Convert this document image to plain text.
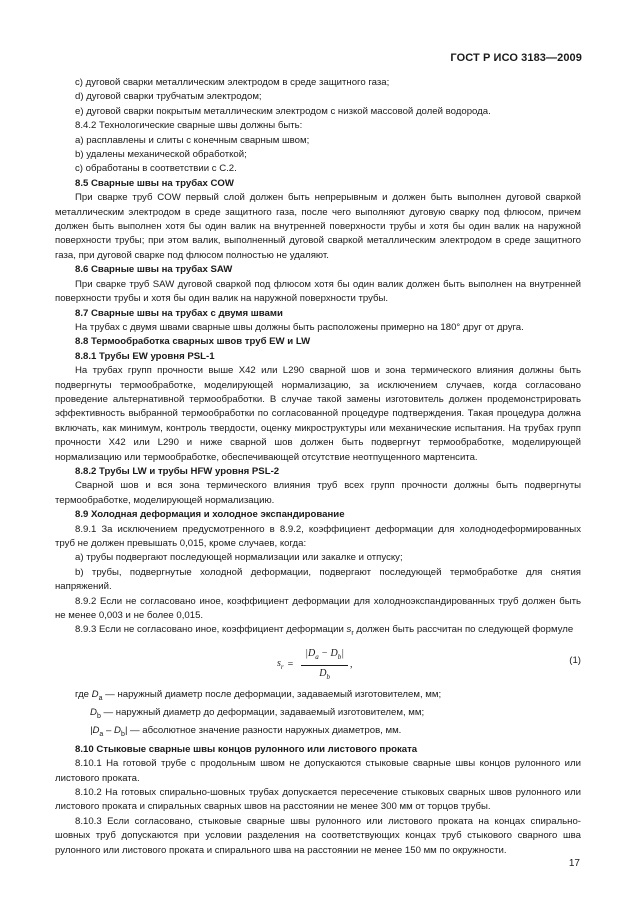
ГОСТ Р ИСО 3183—2009

c) дуговой сварки металлическим электродом в среде защитного газа;

d) дуговой сварки трубчатым электродом;

e) дуговой сварки покрытым металлическим электродом с низкой массовой долей водорода.

8.4.2 Технологические сварные швы должны быть:

a) расплавлены и слиты с конечным сварным швом;

b) удалены механической обработкой;

c) обработаны в соответствии с С.2.

8.5 Сварные швы на трубах COW

При сварке труб COW первый слой должен быть непрерывным и должен быть выполнен дуговой сваркой металлическим электродом в среде защитного газа, после чего выполняют дуговую сварку под флюсом, причем должен быть выполнен хотя бы один валик на внутренней поверхности трубы и хотя бы один валик на наружной поверхности трубы; при этом валик, выполненный дуговой сваркой металлическим электродом в среде защитного газа, при дуговой сварке под флюсом полностью не удаляют.

8.6 Сварные швы на трубах SAW

При сварке труб SAW дуговой сваркой под флюсом хотя бы один валик должен быть выполнен на внутренней поверхности трубы и хотя бы один валик на наружной поверхности трубы.

8.7 Сварные швы на трубах с двумя швами

На трубах с двумя швами сварные швы должны быть расположены примерно на 180° друг от друга.

8.8 Термообработка сварных швов труб EW и LW

8.8.1 Трубы EW уровня PSL-1

На трубах групп прочности выше X42 или L290 сварной шов и зона термического влияния должны быть подвергнуты термообработке, моделирующей нормализацию, за исключением случаев, когда согласовано проведение альтернативной термообработки. В случае такой замены изготовитель должен продемонстрировать эффективность выбранной термообработки по согласованной процедуре подтверждения. Такая процедура должна включать, как минимум, контроль твердости, оценку микроструктуры или механические испытания. На трубах групп прочности X42 или L290 и ниже сварной шов должен быть подвергнут термообработке, моделирующей нормализацию или термообработке, обеспечивающей отсутствие неотпущенного мартенсита.

8.8.2 Трубы LW и трубы HFW уровня PSL-2

Сварной шов и вся зона термического влияния труб всех групп прочности должны быть подвергнуты термообработке, моделирующей нормализацию.

8.9 Холодная деформация и холодное экспандирование

8.9.1 За исключением предусмотренного в 8.9.2, коэффициент деформации для холоднодеформированных труб не должен превышать 0,015, кроме случаев, когда:

a) трубы подвергают последующей нормализации или закалке и отпуску;

b) трубы, подвергнутые холодной деформации, подвергают последующей термобработке для снятия напряжений.

8.9.2 Если не согласовано иное, коэффициент деформации для холодноэкспандированных труб должен быть не менее 0,003 и не более 0,015.

8.9.3 Если не согласовано иное, коэффициент деформации $s_r$ должен быть рассчитан по следующей формуле

$s_r = \frac{|D_a - D_b|}{D_b}$ ,	(1)
где $D_a$ — наружный диаметр после деформации, задаваемый изготовителем, мм;
$D_b$ — наружный диаметр до деформации, задаваемый изготовителем, мм;
$|D_a - D_b|$ — абсолютное значение разности наружных диаметров, мм.

8.10 Стыковые сварные швы концов рулонного или листового проката

8.10.1 На готовой трубе с продольным швом не допускаются стыковые сварные швы концов рулонного или листового проката.

8.10.2 На готовых спирально-шовных трубах допускается пересечение стыковых сварных швов рулонного или листового проката и спиральных сварных швов на расстоянии не менее 300 мм от торцов трубы.

8.10.3 Если согласовано, стыковые сварные швы рулонного или листового проката на концах спирально-шовных труб допускаются при условии разделения на соответствующих концах труб стыкового сварного шва рулонного или листового проката и спирального шва на расстоянии не менее 150 мм по окружности.

17
